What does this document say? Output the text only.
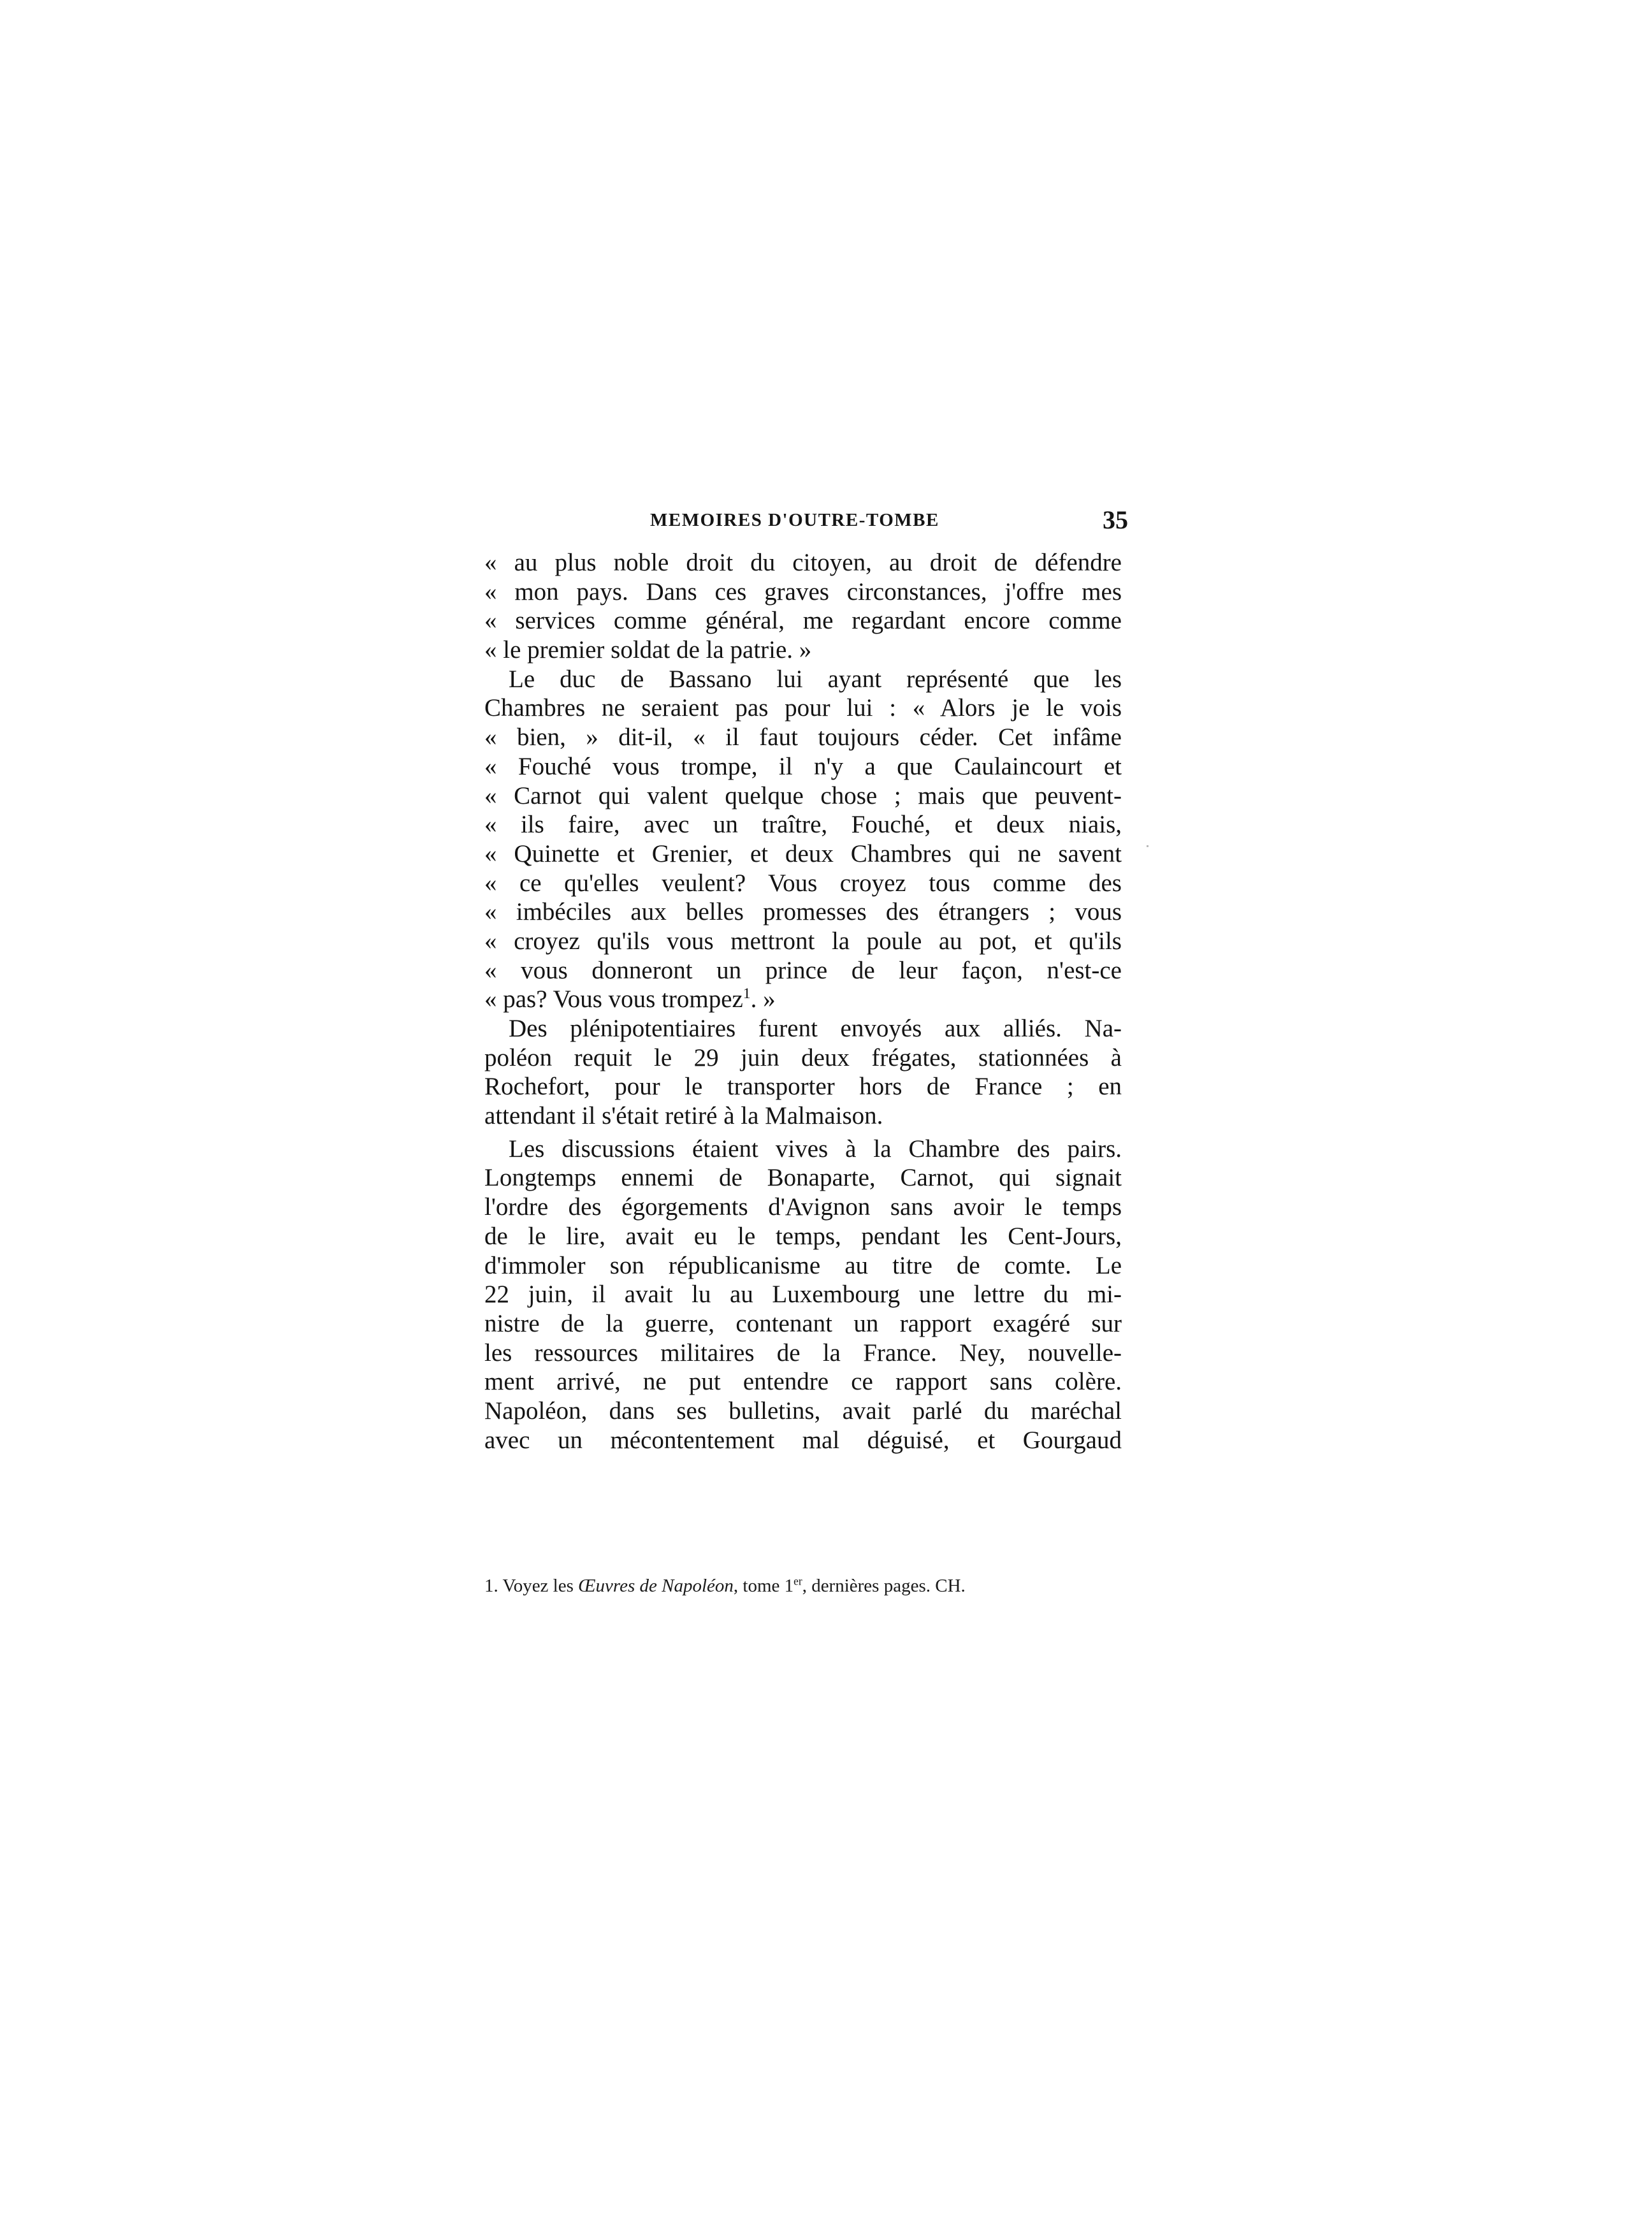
MEMOIRES D'OUTRE-TOMBE	35
« au plus noble droit du citoyen, au droit de défendre
« mon pays. Dans ces graves circonstances, j'offre mes
« services comme général, me regardant encore comme
« le premier soldat de la patrie. »
Le duc de Bassano lui ayant représenté que les
Chambres ne seraient pas pour lui : « Alors je le vois
« bien, » dit-il, « il faut toujours céder. Cet infâme
« Fouché vous trompe, il n'y a que Caulaincourt et
« Carnot qui valent quelque chose ; mais que peuvent-
« ils faire, avec un traître, Fouché, et deux niais,
« Quinette et Grenier, et deux Chambres qui ne savent
« ce qu'elles veulent? Vous croyez tous comme des
« imbéciles aux belles promesses des étrangers ; vous
« croyez qu'ils vous mettront la poule au pot, et qu'ils
« vous donneront un prince de leur façon, n'est-ce
« pas? Vous vous trompez$^1$. »
Des plénipotentiaires furent envoyés aux alliés. Na-
poléon requit le 29 juin deux frégates, stationnées à
Rochefort, pour le transporter hors de France ; en
attendant il s'était retiré à la Malmaison.
Les discussions étaient vives à la Chambre des pairs.
Longtemps ennemi de Bonaparte, Carnot, qui signait
l'ordre des égorgements d'Avignon sans avoir le temps
de le lire, avait eu le temps, pendant les Cent-Jours,
d'immoler son républicanisme au titre de comte. Le
22 juin, il avait lu au Luxembourg une lettre du mi-
nistre de la guerre, contenant un rapport exagéré sur
les ressources militaires de la France. Ney, nouvelle-
ment arrivé, ne put entendre ce rapport sans colère.
Napoléon, dans ses bulletins, avait parlé du maréchal
avec un mécontentement mal déguisé, et Gourgaud
1. Voyez les Œuvres de Napoléon, tome 1er, dernières pages. CH.
